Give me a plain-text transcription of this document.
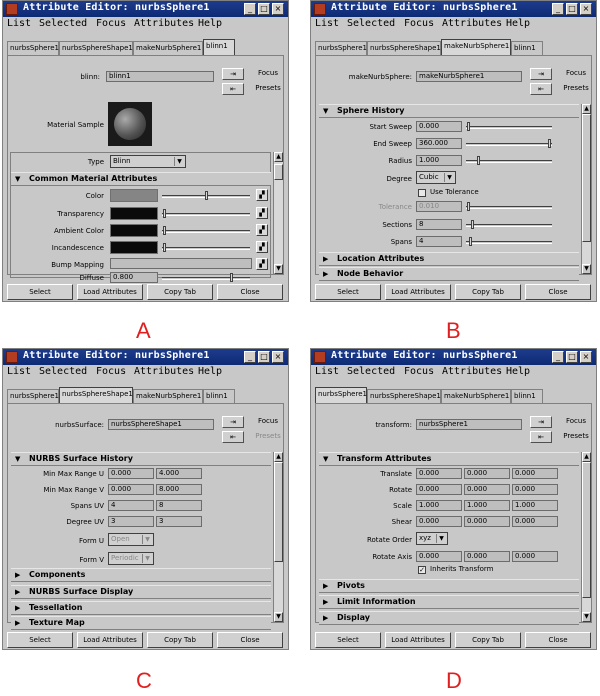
Attribute Editor: nurbsSphere1	_	□ ×
List Selected Focus Attributes Help
nurbsSphere1 nurbsSphereShape1 makeNurbSphere1 blinn1
blinn:	blinn1	⇥
⇤
Focus
Presets
Material Sample
Type	Blinn	▼
▼ Common Material Attributes
Color	▞
Transparency	▞
Ambient Color	▞
Incandescence	▞
Bump Mapping	▞
Diffuse	0.800
▲
▼
Select	Load Attributes	Copy Tab	Close
A
Attribute Editor: nurbsSphere1	_	□ ×
List Selected Focus Attributes Help
nurbsSphere1 nurbsSphereShape1 makeNurbSphere1 blinn1
makeNurbSphere:	makeNurbSphere1	⇥
⇤
Focus
Presets
▼ Sphere History
Start Sweep	0.000
End Sweep	360.000
Radius	1.000
Degree	Cubic	▼
Use Tolerance
Tolerance	0.010
Sections	8
Spans	4
▶ Location Attributes
▶ Node Behavior
▲
▼
Select	Load Attributes	Copy Tab	Close
B
Attribute Editor: nurbsSphere1	_	□ ×
List Selected Focus Attributes Help
nurbsSphere1 nurbsSphereShape1 makeNurbSphere1 blinn1
nurbsSurface:	nurbsSphereShape1	⇥
⇤
Focus
Presets
▼ NURBS Surface History
Min Max Range U	0.000	4.000
Min Max Range V	0.000	8.000
Spans UV	4	8
Degree UV	3	3
Form U	Open	▼
Form V	Periodic	▼
▶ Components
▶ NURBS Surface Display
▶ Tessellation
▶ Texture Map
▲
▼
Select	Load Attributes	Copy Tab	Close
C
Attribute Editor: nurbsSphere1	_	□ ×
List Selected Focus Attributes Help
nurbsSphere1 nurbsSphereShape1 makeNurbSphere1 blinn1
transform:	nurbsSphere1	⇥
⇤
Focus
Presets
▼ Transform Attributes
Translate	0.000	0.000	0.000
Rotate	0.000	0.000	0.000
Scale	1.000	1.000	1.000
Shear	0.000	0.000	0.000
Rotate Order	xyz	▼
Rotate Axis	0.000	0.000	0.000
✓ Inherits Transform
▶ Pivots
▶ Limit Information
▶ Display
▲
▼
Select	Load Attributes	Copy Tab	Close
D
